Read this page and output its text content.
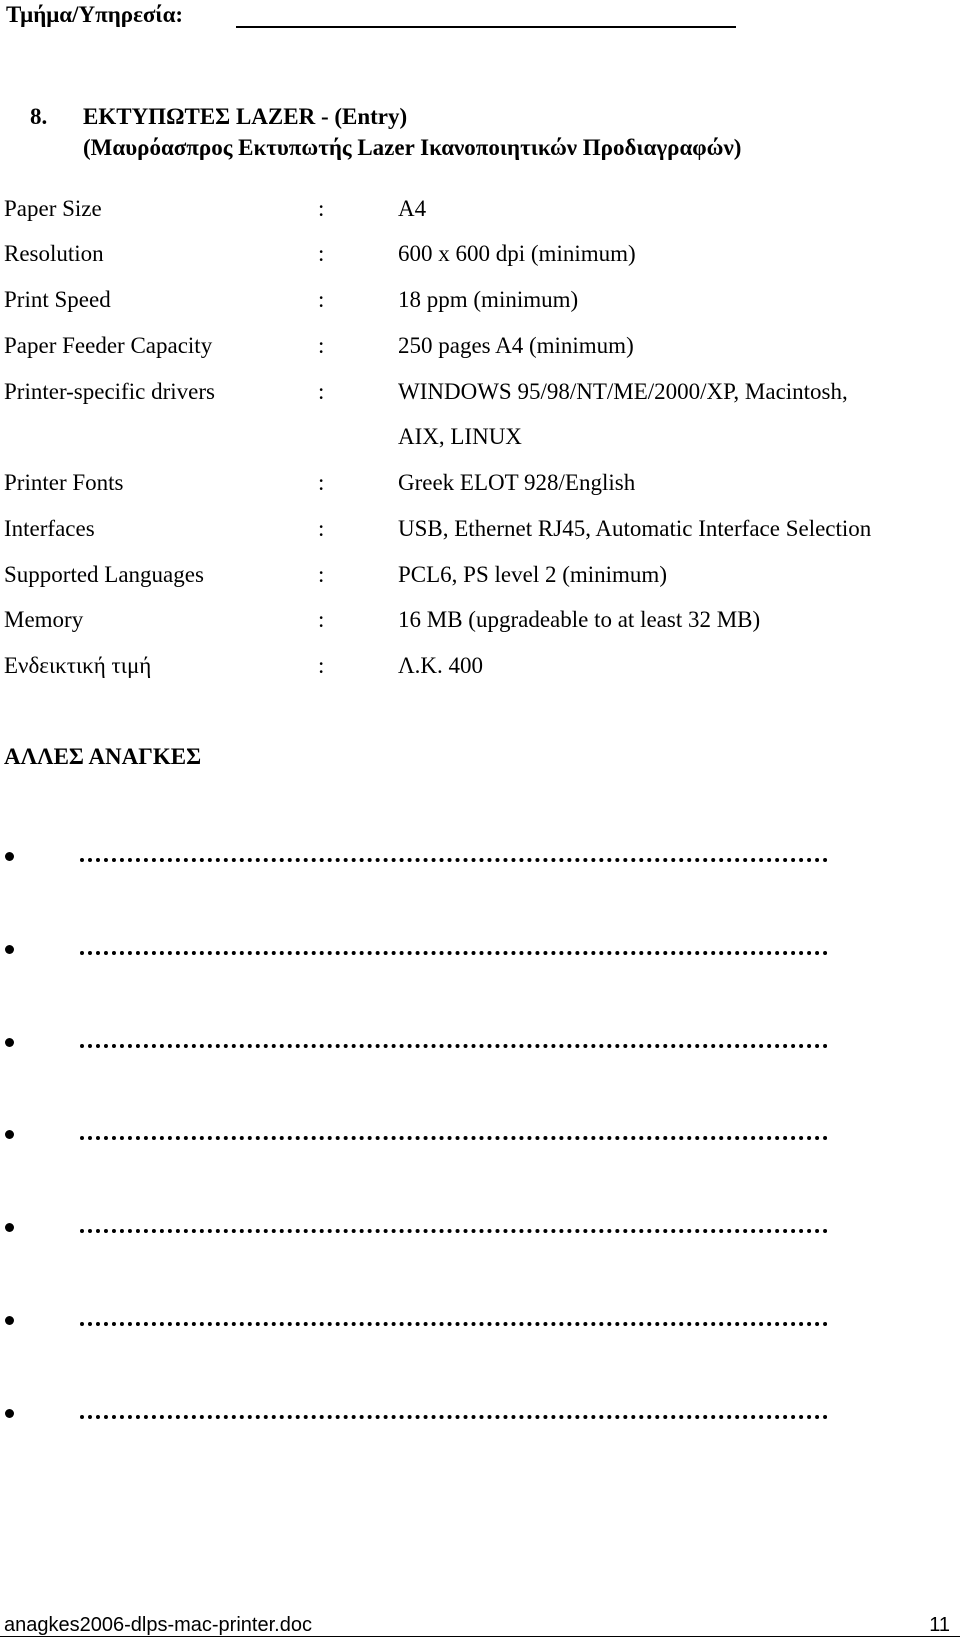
Τμήμα/Υπηρεσία:
8. ΕΚΤΥΠΩΤΕΣ LAZER - (Entry)
(Μαυρόασπρος Εκτυπωτής Lazer Ικανοποιητικών Προδιαγραφών)
Paper Size	:	A4
Resolution	:	600 x 600 dpi (minimum)
Print Speed	:	18 ppm (minimum)
Paper Feeder Capacity	:	250 pages A4 (minimum)
Printer-specific drivers	:	WINDOWS 95/98/NT/ME/2000/XP, Macintosh,
AIX, LINUX
Printer Fonts	:	Greek ELOT 928/English
Interfaces	:	USB, Ethernet RJ45, Automatic Interface Selection
Supported Languages	:	PCL6, PS level 2 (minimum)
Memory	:	16 MB (upgradeable to at least 32 MB)
Ενδεικτική τιμή	:	Λ.Κ. 400
ΑΛΛΕΣ ΑΝΑΓΚΕΣ
anagkes2006-dlps-mac-printer.doc	11
